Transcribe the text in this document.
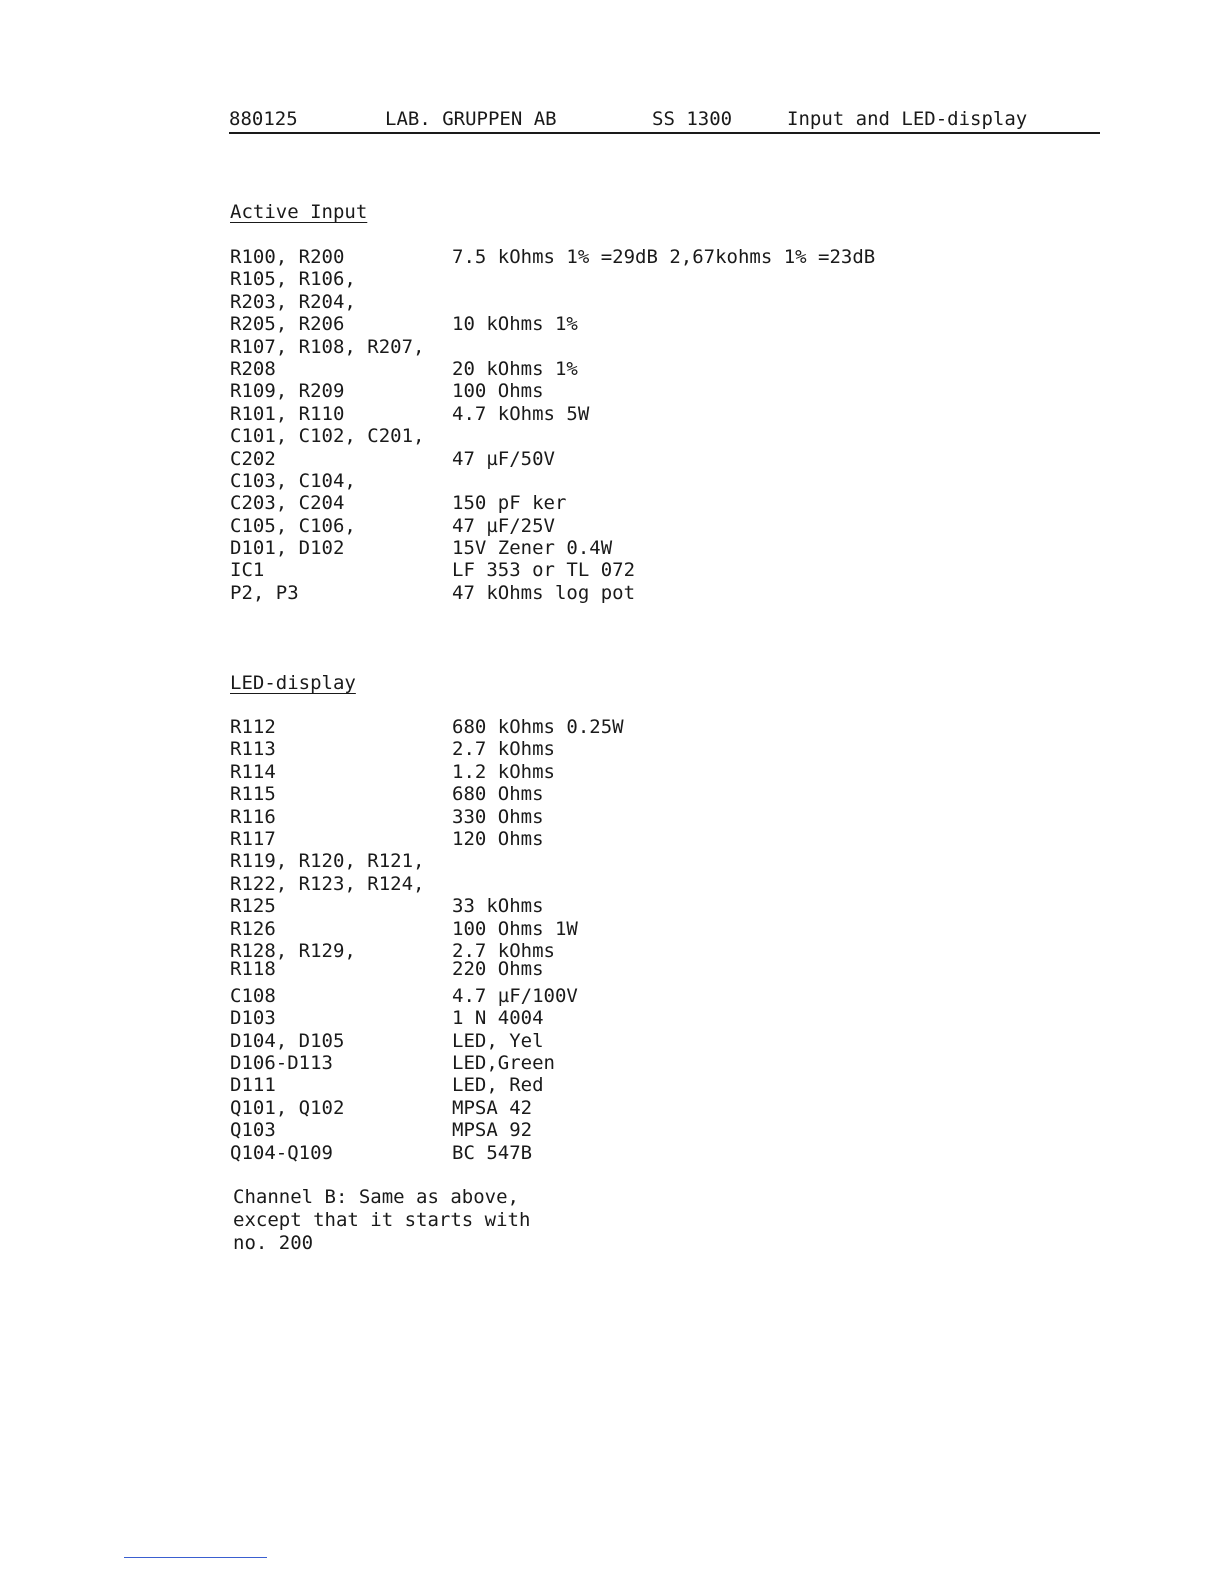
880125	LAB. GRUPPEN AB	SS 1300	Input and LED-display
Active Input
R100, R200	7.5 kOhms 1% =29dB 2,67kohms 1% =23dB
R105, R106,
R203, R204,
R205, R206	10 kOhms 1%
R107, R108, R207,
R208	20 kOhms 1%
R109, R209	100 Ohms
R101, R110	4.7 kOhms 5W
C101, C102, C201,
C202	47 µF/50V
C103, C104,
C203, C204	150 pF ker
C105, C106,	47 µF/25V
D101, D102	15V Zener 0.4W
IC1	LF 353 or TL 072
P2, P3	47 kOhms log pot
LED-display
R112	680 kOhms 0.25W
R113	2.7 kOhms
R114	1.2 kOhms
R115	680 Ohms
R116	330 Ohms
R117	120 Ohms
R119, R120, R121,
R122, R123, R124,
R125	33 kOhms
R126	100 Ohms 1W
R128, R129,	2.7 kOhms
R118	220 Ohms
C108	4.7 µF/100V
D103	1 N 4004
D104, D105	LED, Yel
D106-D113	LED,Green
D111	LED, Red
Q101, Q102	MPSA 42
Q103	MPSA 92
Q104-Q109	BC 547B
Channel B: Same as above,
except that it starts with
no. 200
